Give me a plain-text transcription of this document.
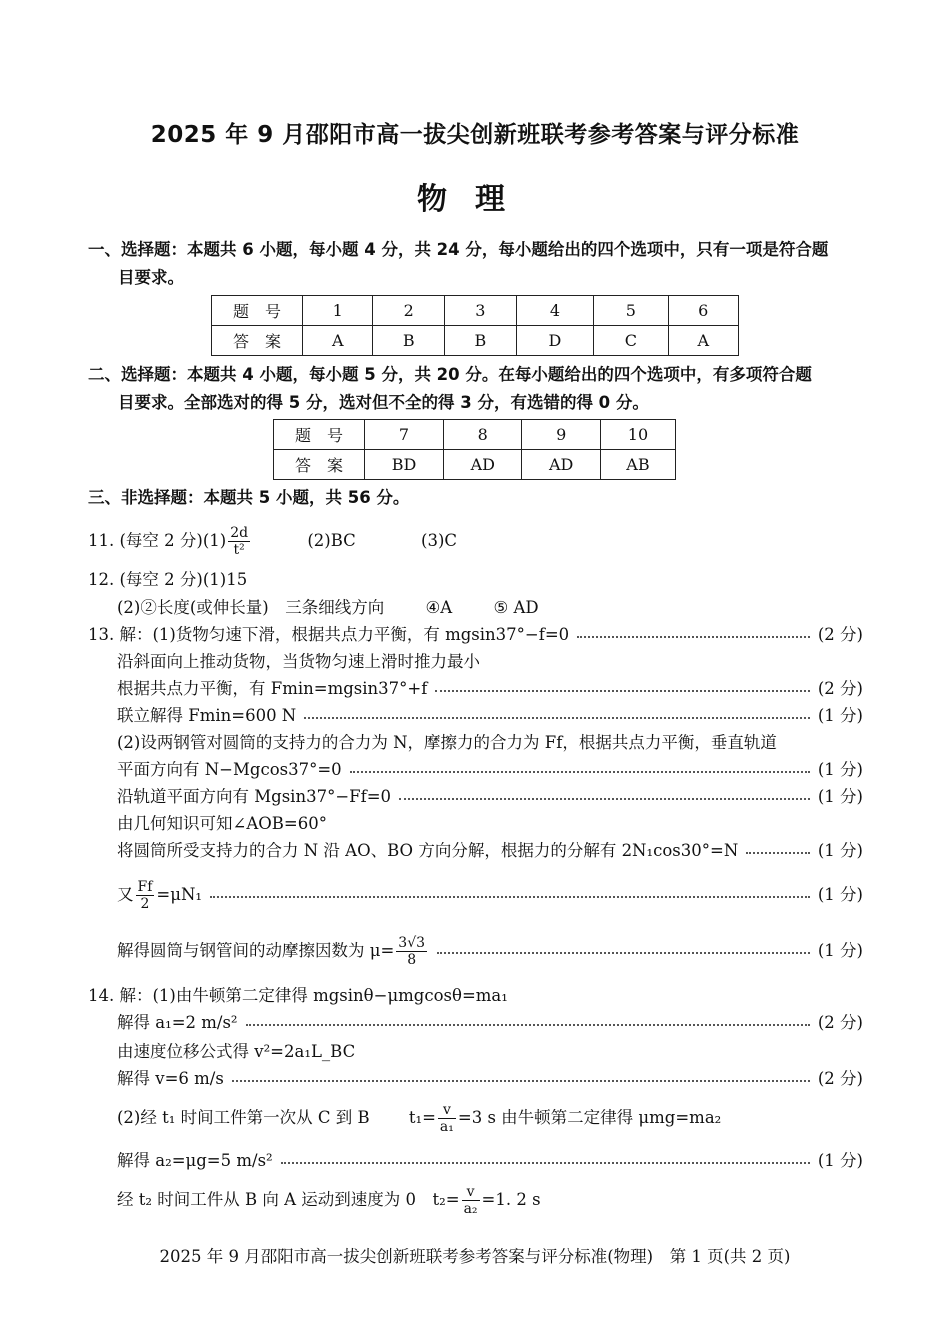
2025 年 9 月邵阳市高一拔尖创新班联考参考答案与评分标准
物理
一、选择题：本题共 6 小题，每小题 4 分，共 24 分，每小题给出的四个选项中，只有一项是符合题
目要求。
题　号	1	2	3	4	5	6
答　案	A	B	B	D	C	A
二、选择题：本题共 4 小题，每小题 5 分，共 20 分。在每小题给出的四个选项中，有多项符合题
目要求。全部选对的得 5 分，选对但不全的得 3 分，有选错的得 0 分。
题　号	7	8	9	10
答　案	BD	AD	AD	AB
三、非选择题：本题共 5 小题，共 56 分。
11. (每空 2 分)$(1) \frac{2d}{\text{t²}}$	(2)BC	(3)C
12. (每空 2 分)(1)15
(2)②长度(或伸长量)　三条细线方向	④A	⑤ AD
13. 解：(1)货物匀速下滑，根据共点力平衡，有 mgsin37°−f=0	(2 分)
沿斜面向上推动货物，当货物匀速上滑时推力最小
根据共点力平衡，有 Fmin=mgsin37°+f	(2 分)
联立解得 Fmin=600 N	(1 分)
(2)设两钢管对圆筒的支持力的合力为 N，摩擦力的合力为 Ff，根据共点力平衡，垂直轨道
平面方向有 N−Mgcos37°=0	(1 分)
沿轨道平面方向有 Mgsin37°−Ff=0	(1 分)
由几何知识可知∠AOB=60°
将圆筒所受支持力的合力 N 沿 AO、BO 方向分解，根据力的分解有 2N₁cos30°=N	(1 分)
又 $\frac{Ff}{2} =\mu N_1$	(1 分)
解得圆筒与钢管间的动摩擦因数为 $\mu= \frac{3√3}{8}$	(1 分)
14. 解：(1)由牛顿第二定律得 mgsinθ−μmgcosθ=ma₁
解得 a₁=2 m/s²	(2 分)
由速度位移公式得 v²=2a₁L_BC
解得 v=6 m/s	(2 分)
(2)经 t₁ 时间工件第一次从 C 到 B $t_1= \frac{v}{\text{a₁}} =3$ s 由牛顿第二定律得 μmg=ma₂
解得 a₂=μg=5 m/s²	(1 分)
经 t₂ 时间工件从 B 向 A 运动到速度为 0　$t_2= \frac{v}{\text{a₂}} =1$. 2 s
2025 年 9 月邵阳市高一拔尖创新班联考参考答案与评分标准(物理)　第 1 页(共 2 页)
